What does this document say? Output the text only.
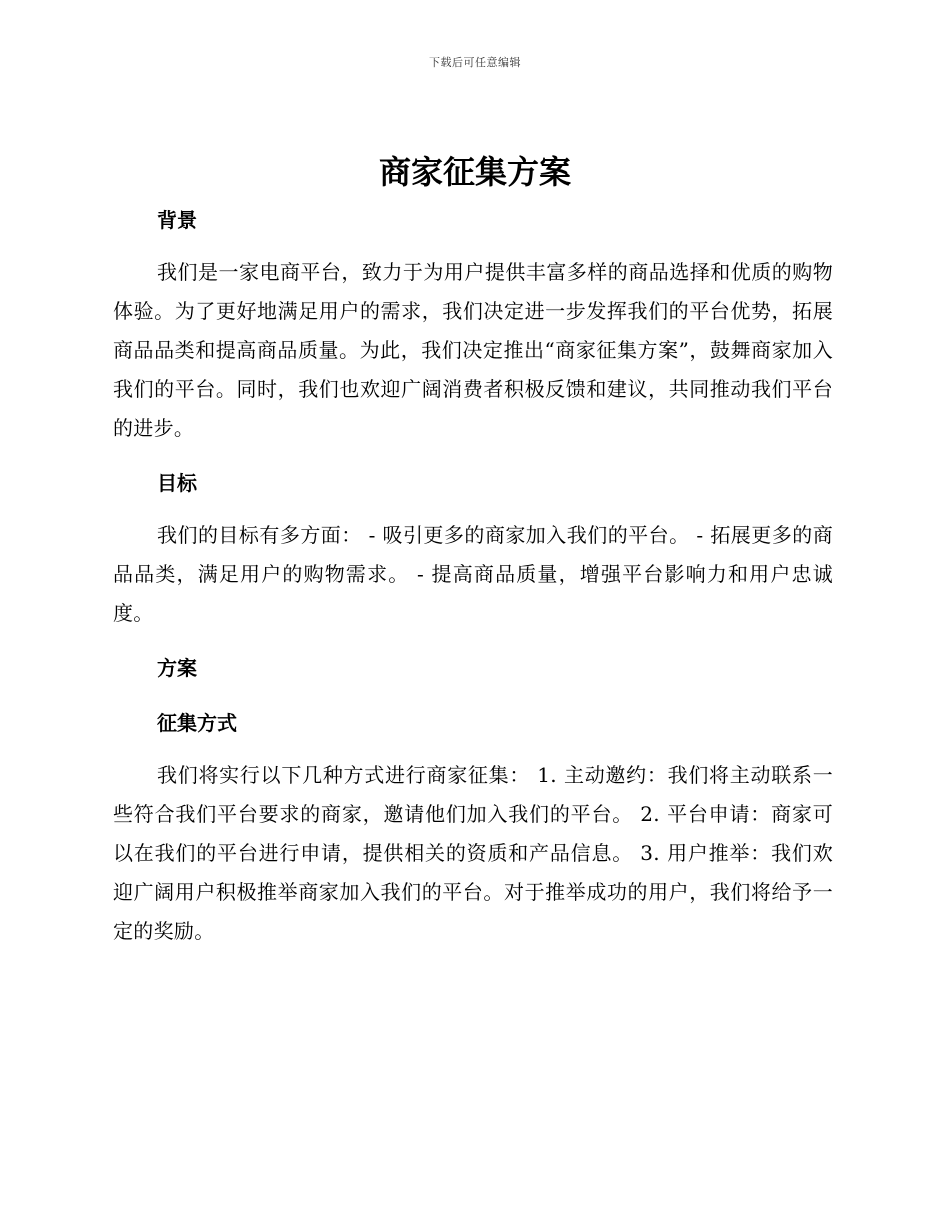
下载后可任意编辑
商家征集方案
背景

我们是一家电商平台，致力于为用户提供丰富多样的商品选择和优质的购物体验。为了更好地满足用户的需求，我们决定进一步发挥我们的平台优势，拓展商品品类和提高商品质量。为此，我们决定推出“商家征集方案”，鼓舞商家加入我们的平台。同时，我们也欢迎广阔消费者积极反馈和建议，共同推动我们平台的进步。

目标

我们的目标有多方面： - 吸引更多的商家加入我们的平台。 - 拓展更多的商品品类，满足用户的购物需求。 - 提高商品质量，增强平台影响力和用户忠诚度。

方案
征集方式

我们将实行以下几种方式进行商家征集： 1. 主动邀约：我们将主动联系一些符合我们平台要求的商家，邀请他们加入我们的平台。 2. 平台申请：商家可以在我们的平台进行申请，提供相关的资质和产品信息。 3. 用户推举：我们欢迎广阔用户积极推举商家加入我们的平台。对于推举成功的用户，我们将给予一定的奖励。
